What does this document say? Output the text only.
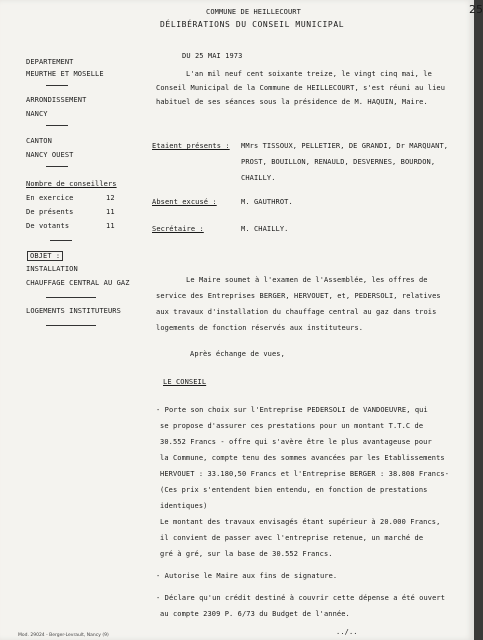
COMMUNE DE HEILLECOURT
DÉLIBÉRATIONS DU CONSEIL MUNICIPAL
25
DEPARTEMENT
MEURTHE ET MOSELLE
ARRONDISSEMENT
NANCY
CANTON
NANCY OUEST
Nombre de conseillers
En exercice	12
De présents	11
De votants	11
OBJET :
INSTALLATION
CHAUFFAGE CENTRAL AU GAZ
LOGEMENTS INSTITUTEURS
DU 25 MAI 1973
L'an mil neuf cent soixante treize, le vingt cinq mai, le
Conseil Municipal de la Commune de HEILLECOURT, s'est réuni au lieu
habituel de ses séances sous la présidence de M. HAQUIN, Maire.
Etaient présents : MMrs TISSOUX, PELLETIER, DE GRANDI, Dr MARQUANT,
PROST, BOUILLON, RENAULD, DESVERNES, BOURDON,
CHAILLY.
Absent excusé :	M. GAUTHROT.
Secrétaire :	M. CHAILLY.
Le Maire soumet à l'examen de l'Assemblée, les offres de
service des Entreprises BERGER, HERVOUET, et, PEDERSOLI, relatives
aux travaux d'installation du chauffage central au gaz dans trois
logements de fonction réservés aux instituteurs.
Après échange de vues,
LE CONSEIL
- Porte son choix sur l'Entreprise PEDERSOLI de VANDOEUVRE, qui
se propose d'assurer ces prestations pour un montant T.T.C de
30.552 Francs - offre qui s'avère être le plus avantageuse pour
la Commune, compte tenu des sommes avancées par les Etablissements
HERVOUET : 33.180,50 Francs et l'Entreprise BERGER : 38.808 Francs-
(Ces prix s'entendent bien entendu, en fonction de prestations
identiques)
Le montant des travaux envisagés étant supérieur à 20.000 Francs,
il convient de passer avec l'entreprise retenue, un marché de
gré à gré, sur la base de 30.552 Francs.
- Autorise le Maire aux fins de signature.
- Déclare qu'un crédit destiné à couvrir cette dépense a été ouvert
au compte 2309 P. 6/73 du Budget de l'année.
../..
Mod. 29024 - Berger-Levrault, Nancy (9)
